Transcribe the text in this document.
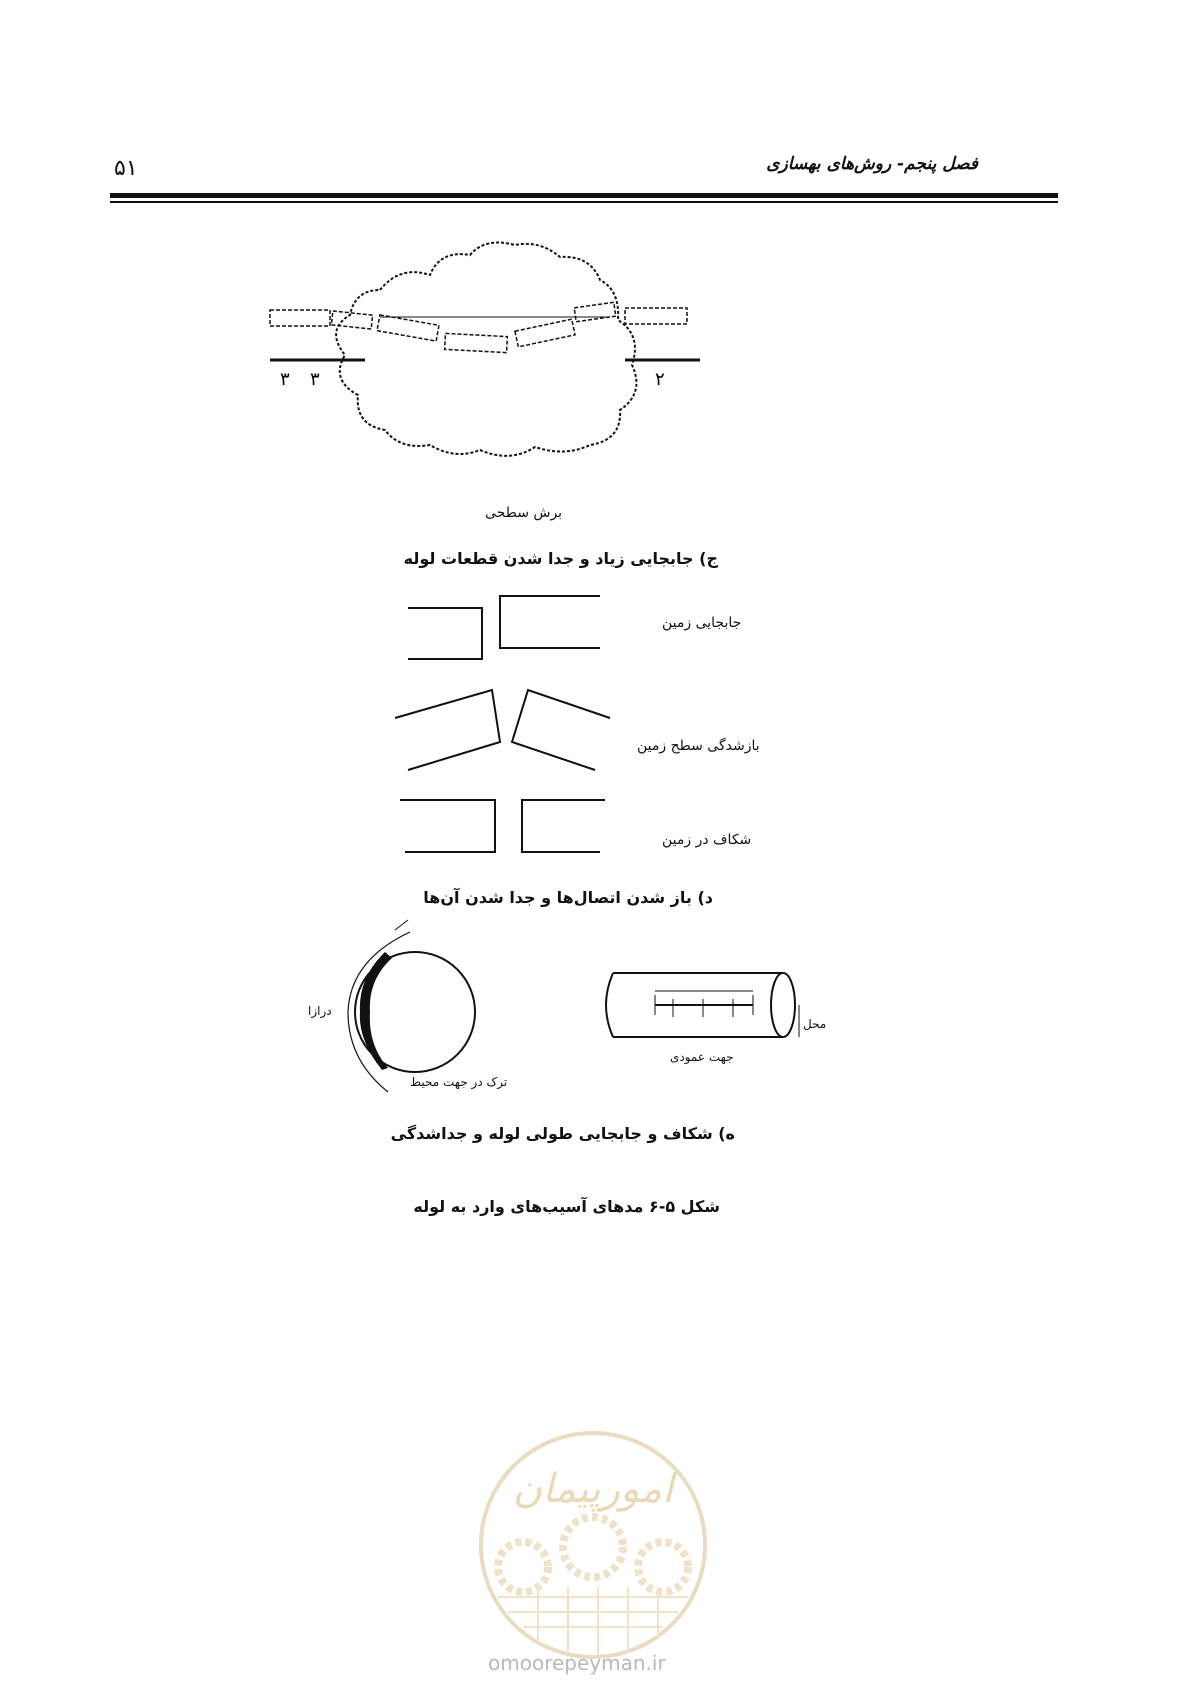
۵۱	فصل پنجم- روش‌های بهسازی
۳ ۳	۲
برش سطحی
ج) جابجایی زیاد و جدا شدن قطعات لوله
جابجایی زمین
بازشدگی سطح زمین
شکاف در زمین
د) باز شدن اتصال‌ها و جدا شدن آن‌ها
درازا
ترک در جهت محیط
محل
جهت عمودی
ه) شکاف و جابجایی طولی لوله و جداشدگی
شکل ۵-۶ مدهای آسیب‌های وارد به لوله
امورپیمان
omoorepeyman.ir
